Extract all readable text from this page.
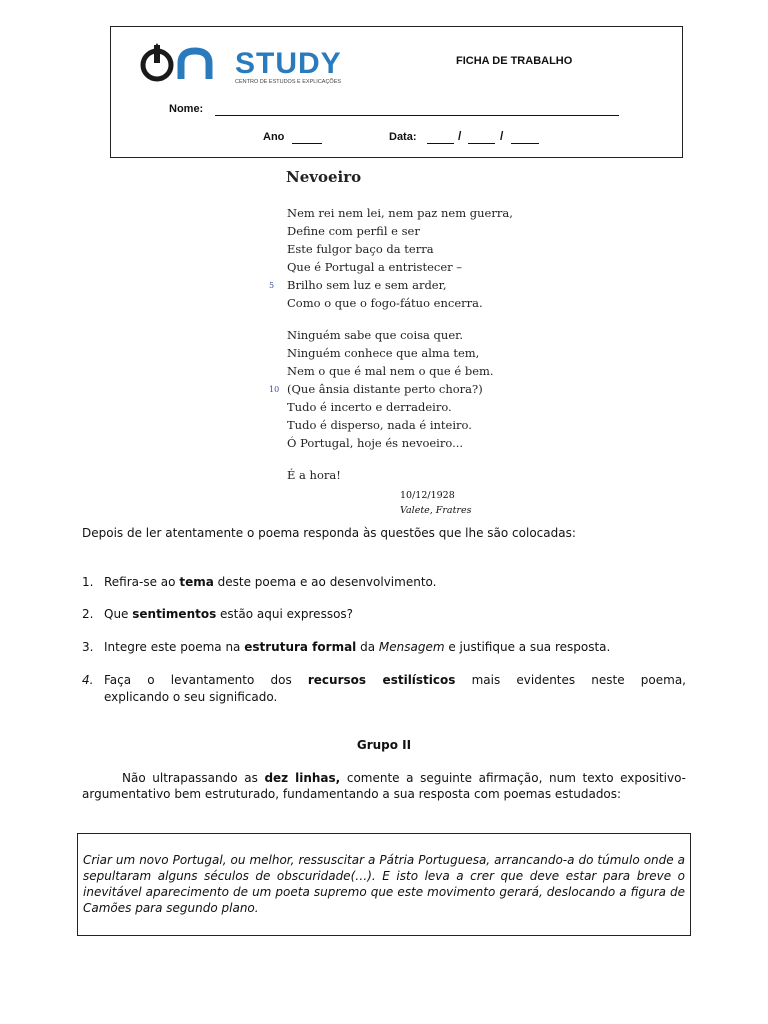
STUDY
CENTRO DE ESTUDOS E EXPLICAÇÕES
FICHA DE TRABALHO
Nome:
Ano	Data:	/	/
Nevoeiro
Nem rei nem lei, nem paz nem guerra,
Define com perfil e ser
Este fulgor baço da terra
Que é Portugal a entristecer –
5 Brilho sem luz e sem arder,
Como o que o fogo-fátuo encerra.
Ninguém sabe que coisa quer.
Ninguém conhece que alma tem,
Nem o que é mal nem o que é bem.
10 (Que ânsia distante perto chora?)
Tudo é incerto e derradeiro.
Tudo é disperso, nada é inteiro.
Ó Portugal, hoje és nevoeiro...
É a hora!
10/12/1928
Valete, Fratres
Depois de ler atentamente o poema responda às questões que lhe são colocadas:
1. Refira-se ao tema deste poema e ao desenvolvimento.
2. Que sentimentos estão aqui expressos?
3. Integre este poema na estrutura formal da Mensagem e justifique a sua resposta.
4. Faça o levantamento dos recursos estilísticos mais evidentes neste poema,
explicando o seu significado.
Grupo II
Não ultrapassando as dez linhas, comente a seguinte afirmação, num texto expositivo-argumentativo bem estruturado, fundamentando a sua resposta com poemas estudados:

Criar um novo Portugal, ou melhor, ressuscitar a Pátria Portuguesa, arrancando-a do túmulo onde a sepultaram alguns séculos de obscuridade(…). E isto leva a crer que deve estar para breve o inevitável aparecimento de um poeta supremo que este movimento gerará, deslocando a figura de Camões para segundo plano.
